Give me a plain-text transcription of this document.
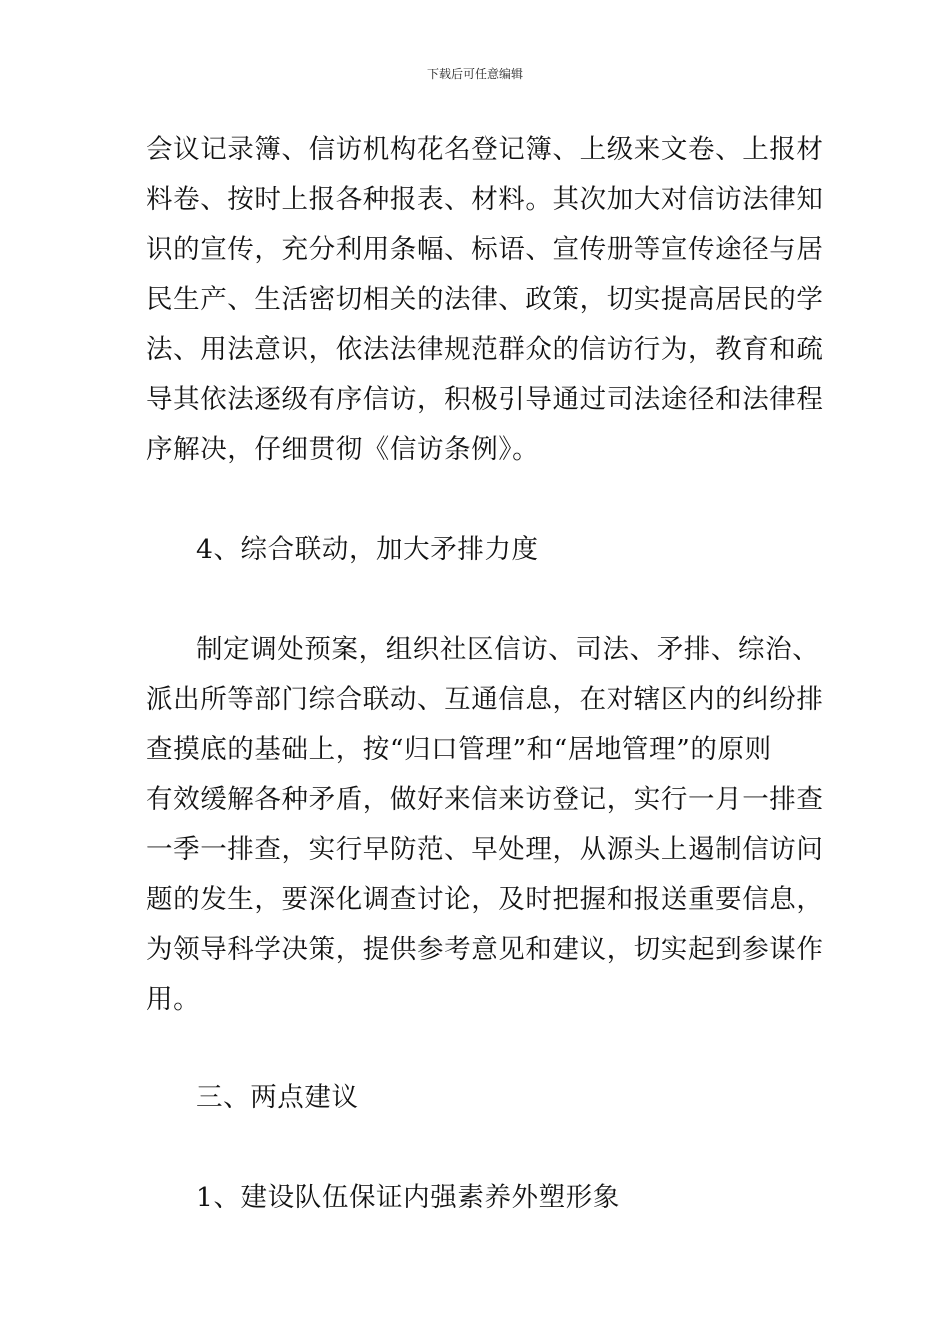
下载后可任意编辑
会议记录簿、信访机构花名登记簿、上级来文卷、上报材
料卷、按时上报各种报表、材料。其次加大对信访法律知
识的宣传，充分利用条幅、标语、宣传册等宣传途径与居
民生产、生活密切相关的法律、政策，切实提高居民的学
法、用法意识，依法法律规范群众的信访行为，教育和疏
导其依法逐级有序信访，积极引导通过司法途径和法律程
序解决，仔细贯彻《信访条例》。
4、综合联动，加大矛排力度
制定调处预案，组织社区信访、司法、矛排、综治、
派出所等部门综合联动、互通信息，在对辖区内的纠纷排
查摸底的基础上，按“归口管理”和“居地管理”的原则
有效缓解各种矛盾，做好来信来访登记，实行一月一排查
一季一排查，实行早防范、早处理，从源头上遏制信访问
题的发生，要深化调查讨论，及时把握和报送重要信息，
为领导科学决策，提供参考意见和建议，切实起到参谋作
用。
三、两点建议
1、建设队伍保证内强素养外塑形象
